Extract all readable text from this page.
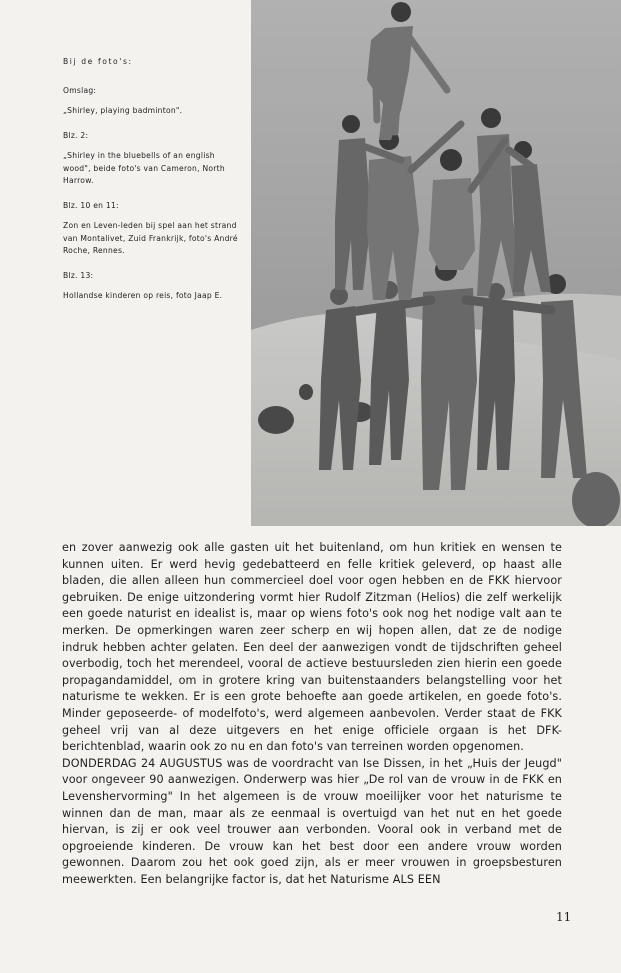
Bij de foto's:

Omslag:

„Shirley, playing badminton".

Blz. 2:

„Shirley in the bluebells of an english wood", beide foto's van Cameron, North Harrow.

Blz. 10 en 11:

Zon en Leven-leden bij spel aan het strand van Montalivet, Zuid Frankrijk, foto's André Roche, Rennes.

Blz. 13:

Hollandse kinderen op reis, foto Jaap E.

en zover aanwezig ook alle gasten uit het buitenland, om hun kritiek en wensen te kunnen uiten. Er werd hevig gedebatteerd en felle kritiek geleverd, op haast alle bladen, die allen alleen hun commercieel doel voor ogen hebben en de FKK hiervoor gebruiken. De enige uitzondering vormt hier Rudolf Zitzman (Helios) die zelf werkelijk een goede naturist en idealist is, maar op wiens foto's ook nog het nodige valt aan te merken. De opmerkingen waren zeer scherp en wij hopen allen, dat ze de nodige indruk hebben achter gelaten. Een deel der aanwezigen vondt de tijdschriften geheel overbodig, toch het merendeel, vooral de actieve bestuursleden zien hierin een goede propagandamiddel, om in grotere kring van buitenstaanders belangstelling voor het naturisme te wekken. Er is een grote behoefte aan goede artikelen, en goede foto's. Minder geposeerde- of modelfoto's, werd algemeen aanbevolen. Verder staat de FKK geheel vrij van al deze uitgevers en het enige officiele orgaan is het DFK-berichtenblad, waarin ook zo nu en dan foto's van terreinen worden opgenomen.

DONDERDAG 24 AUGUSTUS was de voordracht van Ise Dissen, in het „Huis der Jeugd" voor ongeveer 90 aanwezigen. Onderwerp was hier „De rol van de vrouw in de FKK en Levenshervorming" In het algemeen is de vrouw moeilijker voor het naturisme te winnen dan de man, maar als ze eenmaal is overtuigd van het nut en het goede hiervan, is zij er ook veel trouwer aan verbonden. Vooral ook in verband met de opgroeiende kinderen. De vrouw kan het best door een andere vrouw worden gewonnen. Daarom zou het ook goed zijn, als er meer vrouwen in groepsbesturen meewerkten. Een belangrijke factor is, dat het Naturisme ALS EEN

11
